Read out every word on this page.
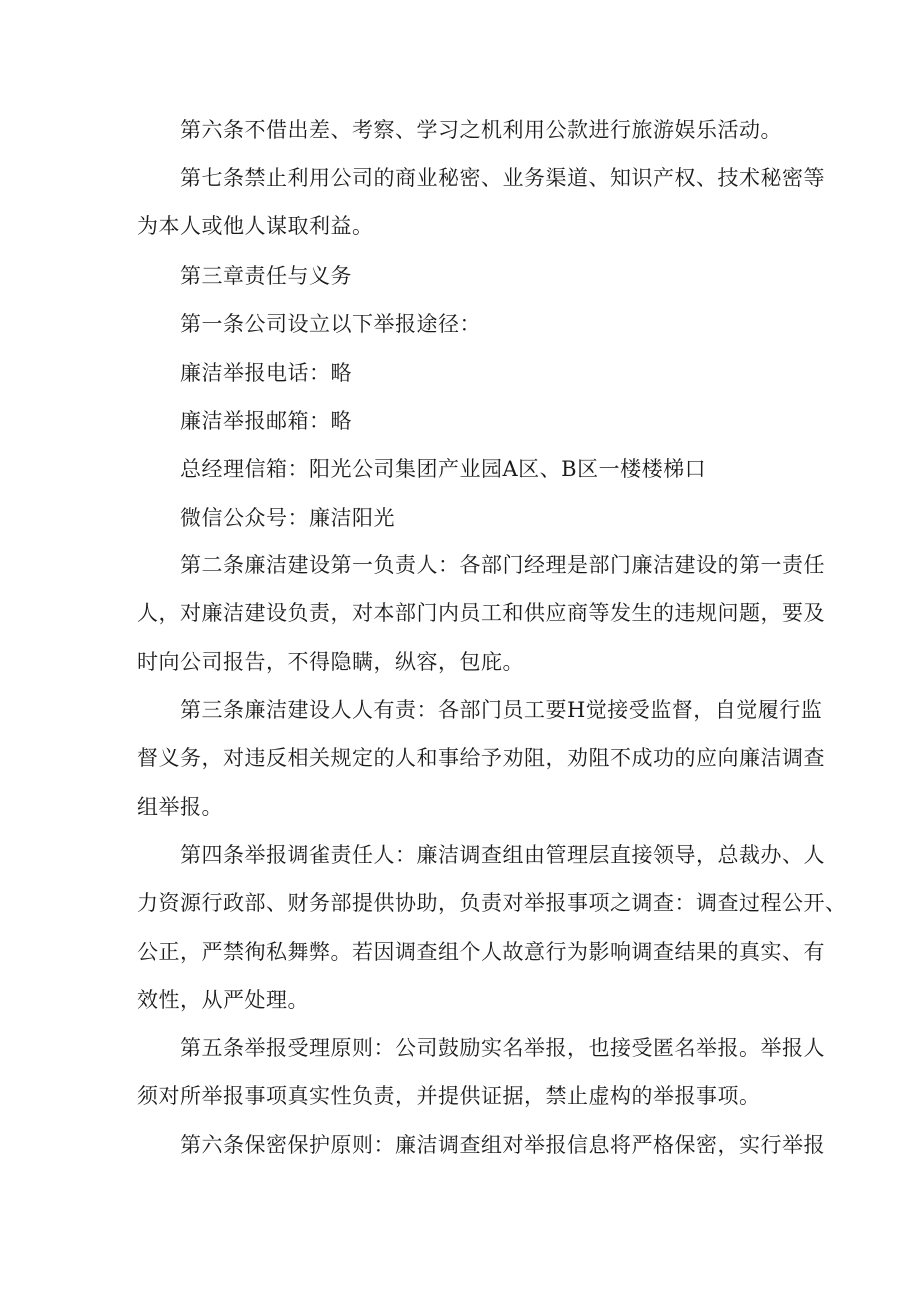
第六条不借出差、考察、学习之机利用公款进行旅游娱乐活动。
第七条禁止利用公司的商业秘密、业务渠道、知识产权、技术秘密等
为本人或他人谋取利益。
第三章责任与义务
第一条公司设立以下举报途径：
廉洁举报电话：略
廉洁举报邮箱：略
总经理信箱：阳光公司集团产业园A区、B区一楼楼梯口
微信公众号：廉洁阳光
第二条廉洁建设第一负责人：各部门经理是部门廉洁建设的第一责任
人，对廉洁建设负责，对本部门内员工和供应商等发生的违规问题，要及
时向公司报告，不得隐瞒，纵容，包庇。
第三条廉洁建设人人有责：各部门员工要H觉接受监督，自觉履行监
督义务，对违反相关规定的人和事给予劝阻，劝阻不成功的应向廉洁调查
组举报。
第四条举报调雀责任人：廉洁调查组由管理层直接领导，总裁办、人
力资源行政部、财务部提供协助，负责对举报事项之调查：调查过程公开、
公正，严禁徇私舞弊。若因调查组个人故意行为影响调查结果的真实、有
效性，从严处理。
第五条举报受理原则：公司鼓励实名举报，也接受匿名举报。举报人
须对所举报事项真实性负责，并提供证据，禁止虚构的举报事项。
第六条保密保护原则：廉洁调查组对举报信息将严格保密，实行举报
